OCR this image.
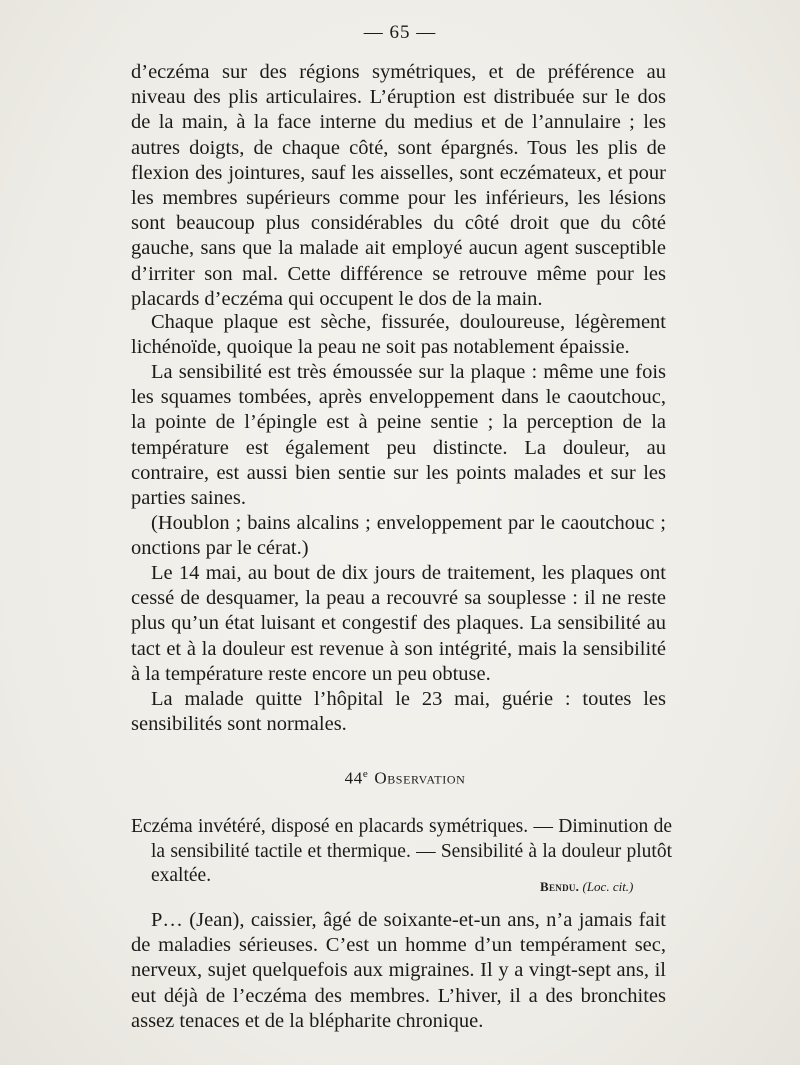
— 65 —

d’eczéma sur des régions symétriques, et de préférence au niveau des plis articulaires. L’éruption est distribuée sur le dos de la main, à la face interne du medius et de l’annulaire ; les autres doigts, de chaque côté, sont épargnés. Tous les plis de flexion des jointures, sauf les aisselles, sont eczémateux, et pour les membres supérieurs comme pour les inférieurs, les lésions sont beaucoup plus considérables du côté droit que du côté gauche, sans que la malade ait employé aucun agent susceptible d’irriter son mal. Cette différence se retrouve même pour les placards d’eczéma qui occupent le dos de la main.

Chaque plaque est sèche, fissurée, douloureuse, légèrement lichénoïde, quoique la peau ne soit pas notablement épaissie.

La sensibilité est très émoussée sur la plaque : même une fois les squames tombées, après enveloppement dans le caoutchouc, la pointe de l’épingle est à peine sentie ; la perception de la température est également peu distincte. La douleur, au contraire, est aussi bien sentie sur les points malades et sur les parties saines.

(Houblon ; bains alcalins ; enveloppement par le caoutchouc ; onctions par le cérat.)

Le 14 mai, au bout de dix jours de traitement, les plaques ont cessé de desquamer, la peau a recouvré sa souplesse : il ne reste plus qu’un état luisant et congestif des plaques. La sensibilité au tact et à la douleur est revenue à son intégrité, mais la sensibilité à la température reste encore un peu obtuse.

La malade quitte l’hôpital le 23 mai, guérie : toutes les sensibilités sont normales.

44e Observation

Eczéma invétéré, disposé en placards symétriques. — Diminution de la sensibilité tactile et thermique. — Sensibilité à la douleur plutôt exaltée.

Bendu. (Loc. cit.)

P… (Jean), caissier, âgé de soixante-et-un ans, n’a jamais fait de maladies sérieuses. C’est un homme d’un tempérament sec, nerveux, sujet quelquefois aux migraines. Il y a vingt-sept ans, il eut déjà de l’eczéma des membres. L’hiver, il a des bronchites assez tenaces et de la blépharite chronique.
